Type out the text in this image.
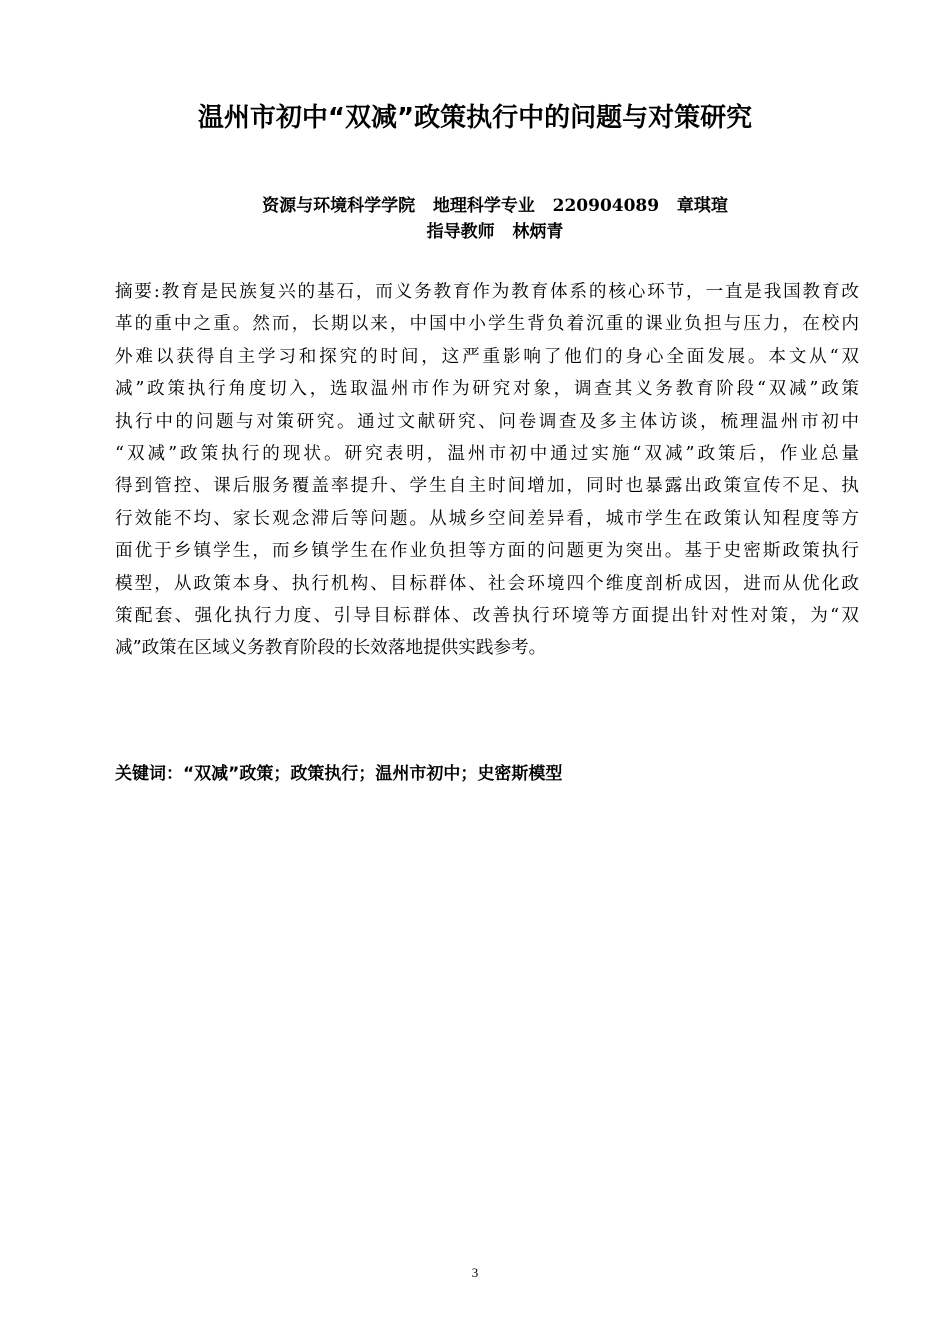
温州市初中“双减”政策执行中的问题与对策研究

资源与环境科学学院   地理科学专业   220904089   章琪瑄

指导教师   林炳青

摘要:教育是民族复兴的基石，而义务教育作为教育体系的核心环节，一直是我国教育改
革的重中之重。然而，长期以来，中国中小学生背负着沉重的课业负担与压力，在校内
外难以获得自主学习和探究的时间，这严重影响了他们的身心全面发展。本文从“双
减”政策执行角度切入，选取温州市作为研究对象，调查其义务教育阶段“双减”政策
执行中的问题与对策研究。通过文献研究、问卷调查及多主体访谈，梳理温州市初中
“双减”政策执行的现状。研究表明，温州市初中通过实施“双减”政策后，作业总量
得到管控、课后服务覆盖率提升、学生自主时间增加，同时也暴露出政策宣传不足、执
行效能不均、家长观念滞后等问题。从城乡空间差异看，城市学生在政策认知程度等方
面优于乡镇学生，而乡镇学生在作业负担等方面的问题更为突出。基于史密斯政策执行
模型，从政策本身、执行机构、目标群体、社会环境四个维度剖析成因，进而从优化政
策配套、强化执行力度、引导目标群体、改善执行环境等方面提出针对性对策，为“双
减”政策在区域义务教育阶段的长效落地提供实践参考。

关键词：“双减”政策；政策执行；温州市初中；史密斯模型

3
